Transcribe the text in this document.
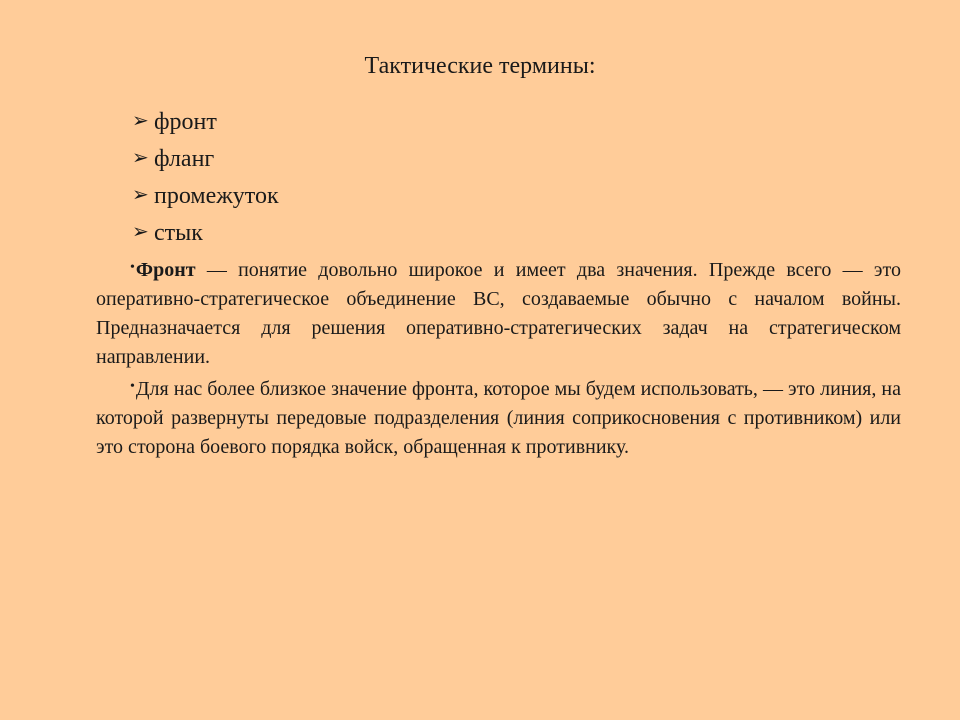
Тактические термины:
➢ фронт
➢ фланг
➢ промежуток
➢ стык

•Фронт — понятие довольно широкое и имеет два значения. Прежде всего — это оперативно-стратегическое объединение ВС, создаваемые обычно с началом войны. Предназначается для решения оперативно-стратегических задач на стратегическом направлении.

•Для нас более близкое значение фронта, которое мы будем использовать, — это линия, на которой развернуты передовые подразделения (линия соприкосновения с противником) или это сторона боевого порядка войск, обращенная к противнику.
